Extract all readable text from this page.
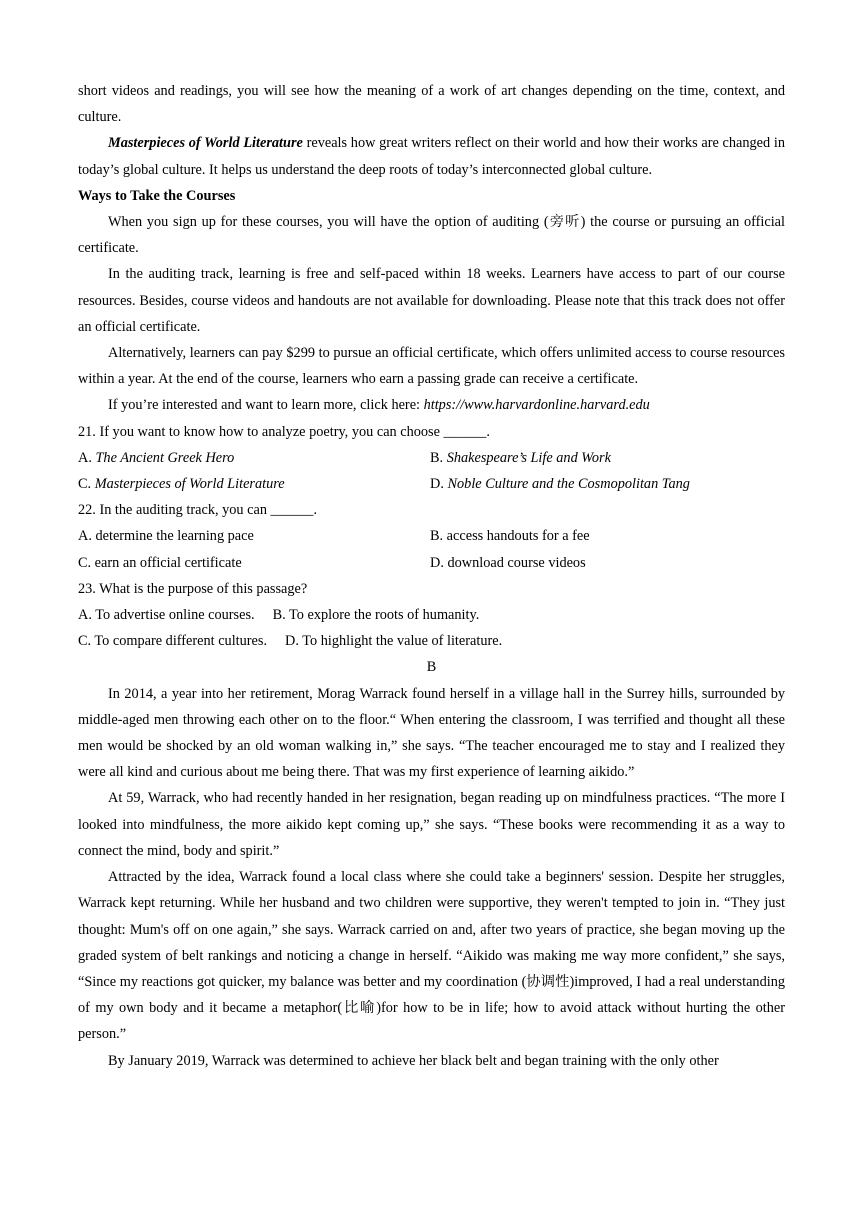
short videos and readings, you will see how the meaning of a work of art changes depending on the time, context, and culture.

Masterpieces of World Literature reveals how great writers reflect on their world and how their works are changed in today’s global culture. It helps us understand the deep roots of today’s interconnected global culture.

Ways to Take the Courses

When you sign up for these courses, you will have the option of auditing (旁听) the course or pursuing an official certificate.

In the auditing track, learning is free and self-paced within 18 weeks. Learners have access to part of our course resources. Besides, course videos and handouts are not available for downloading. Please note that this track does not offer an official certificate.

Alternatively, learners can pay $299 to pursue an official certificate, which offers unlimited access to course resources within a year. At the end of the course, learners who earn a passing grade can receive a certificate.

If you’re interested and want to learn more, click here: https://www.harvardonline.harvard.edu

21. If you want to know how to analyze poetry, you can choose ______.

A. The Ancient Greek Hero	B. Shakespeare’s Life and Work
C. Masterpieces of World Literature	D. Noble Culture and the Cosmopolitan Tang

22. In the auditing track, you can ______.

A. determine the learning pace	B. access handouts for a fee
C. earn an official certificate	D. download course videos

23. What is the purpose of this passage?

A. To advertise online courses. B. To explore the roots of humanity.

C. To compare different cultures. D. To highlight the value of literature.

B

In 2014, a year into her retirement, Morag Warrack found herself in a village hall in the Surrey hills, surrounded by middle-aged men throwing each other on to the floor.“ When entering the classroom, I was terrified and thought all these men would be shocked by an old woman walking in,” she says. “The teacher encouraged me to stay and I realized they were all kind and curious about me being there. That was my first experience of learning aikido.”

At 59, Warrack, who had recently handed in her resignation, began reading up on mindfulness practices. “The more I looked into mindfulness, the more aikido kept coming up,” she says. “These books were recommending it as a way to connect the mind, body and spirit.”

Attracted by the idea, Warrack found a local class where she could take a beginners' session. Despite her struggles, Warrack kept returning. While her husband and two children were supportive, they weren't tempted to join in. “They just thought: Mum's off on one again,” she says. Warrack carried on and, after two years of practice, she began moving up the graded system of belt rankings and noticing a change in herself. “Aikido was making me way more confident,” she says, “Since my reactions got quicker, my balance was better and my coordination (协调性)improved, I had a real understanding of my own body and it became a metaphor(比喻)for how to be in life; how to avoid attack without hurting the other person.”

By January 2019, Warrack was determined to achieve her black belt and began training with the only other
